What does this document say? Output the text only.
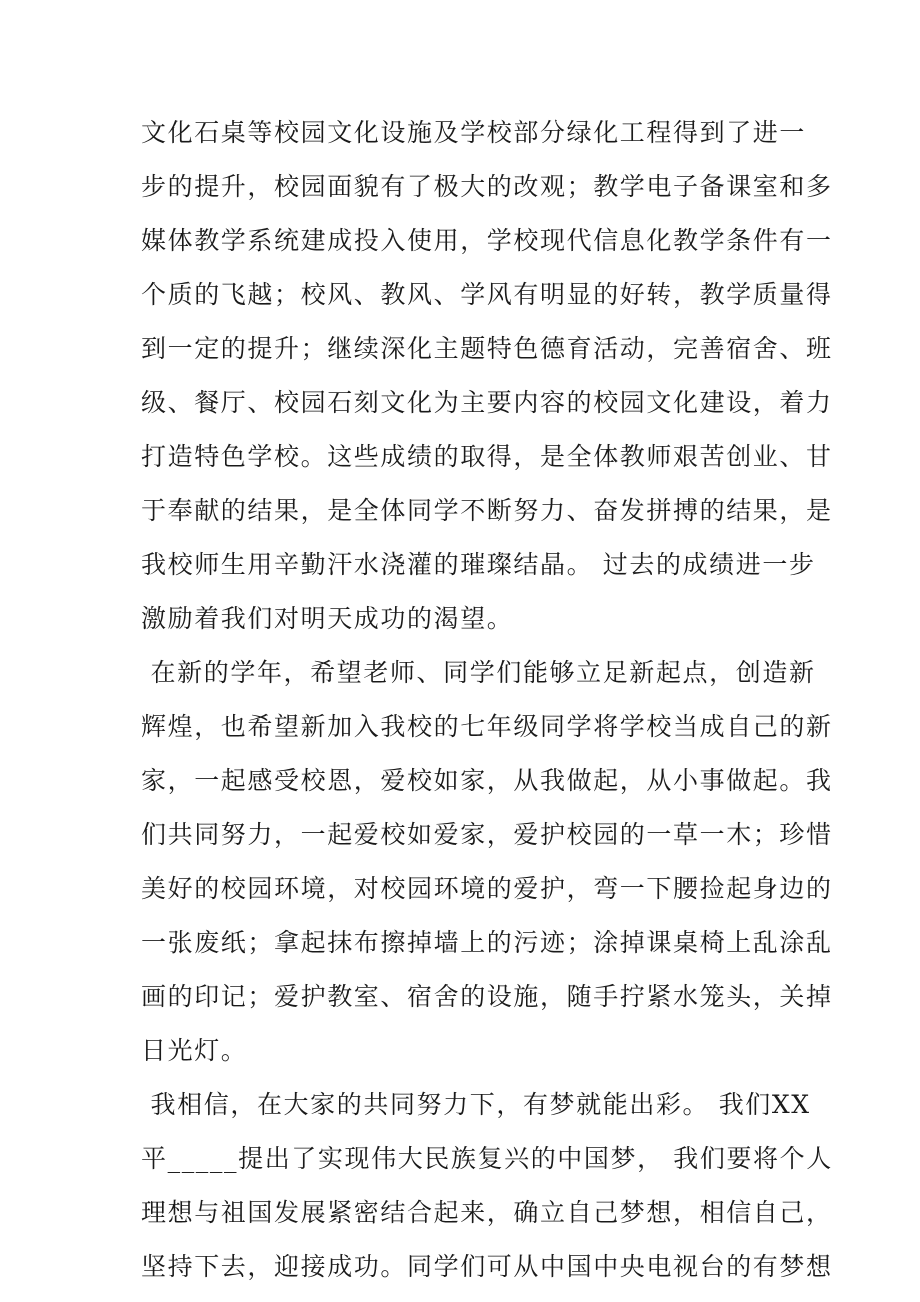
文化石桌等校园文化设施及学校部分绿化工程得到了进一
步的提升，校园面貌有了极大的改观；教学电子备课室和多
媒体教学系统建成投入使用，学校现代信息化教学条件有一
个质的飞越；校风、教风、学风有明显的好转，教学质量得
到一定的提升；继续深化主题特色德育活动，完善宿舍、班
级、餐厅、校园石刻文化为主要内容的校园文化建设，着力
打造特色学校。这些成绩的取得，是全体教师艰苦创业、甘
于奉献的结果，是全体同学不断努力、奋发拼搏的结果，是
我校师生用辛勤汗水浇灌的璀璨结晶。 过去的成绩进一步
激励着我们对明天成功的渴望。
在新的学年，希望老师、同学们能够立足新起点，创造新
辉煌，也希望新加入我校的七年级同学将学校当成自己的新
家，一起感受校恩，爱校如家，从我做起，从小事做起。我
们共同努力，一起爱校如爱家，爱护校园的一草一木；珍惜
美好的校园环境，对校园环境的爱护，弯一下腰捡起身边的
一张废纸；拿起抹布擦掉墙上的污迹；涂掉课桌椅上乱涂乱
画的印记；爱护教室、宿舍的设施，随手拧紧水笼头，关掉
日光灯。
我相信，在大家的共同努力下，有梦就能出彩。 我们XX
平_____提出了实现伟大民族复兴的中国梦， 我们要将个人
理想与祖国发展紧密结合起来，确立自己梦想，相信自己，
坚持下去，迎接成功。同学们可从中国中央电视台的有梦想
